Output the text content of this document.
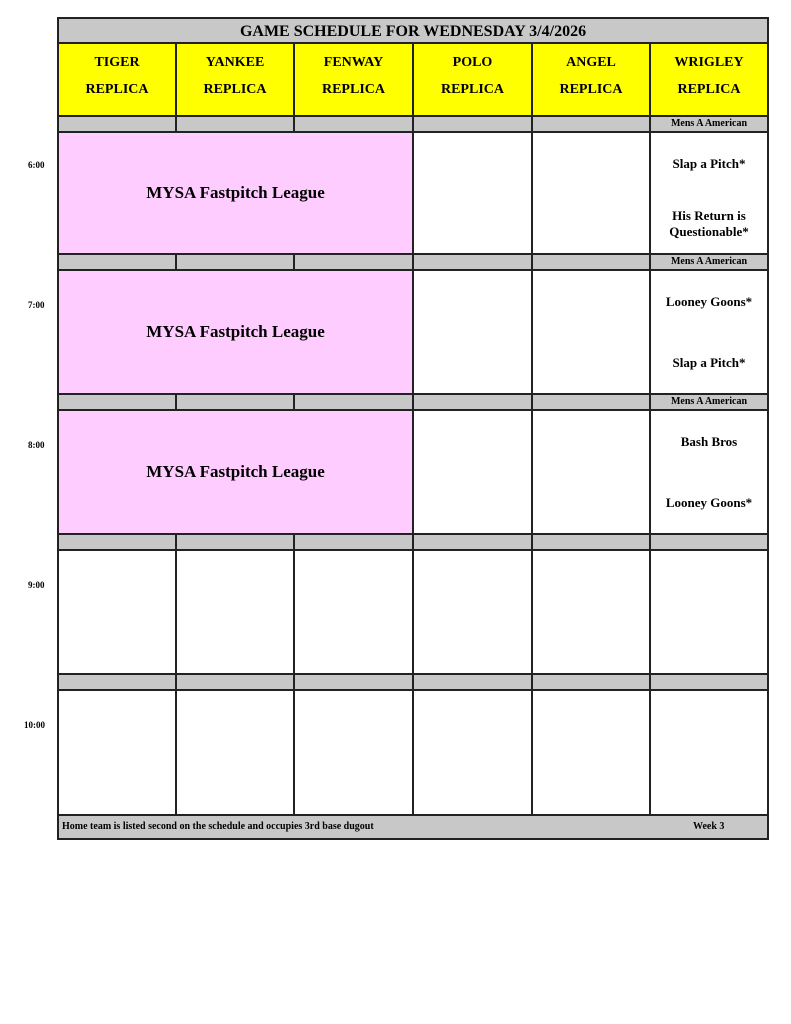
6:00
7:00
8:00
9:00
10:00
GAME SCHEDULE FOR WEDNESDAY 3/4/2026
TIGER
REPLICA
YANKEE
REPLICA
FENWAY
REPLICA
POLO
REPLICA
ANGEL
REPLICA
WRIGLEY
REPLICA
Mens A American
MYSA Fastpitch League
Slap a Pitch*
His Return is Questionable*
Mens A American
MYSA Fastpitch League
Looney Goons*
Slap a Pitch*
Mens A American
MYSA Fastpitch League
Bash Bros
Looney Goons*
Home team is listed second on the schedule and occupies 3rd base dugout	Week 3
